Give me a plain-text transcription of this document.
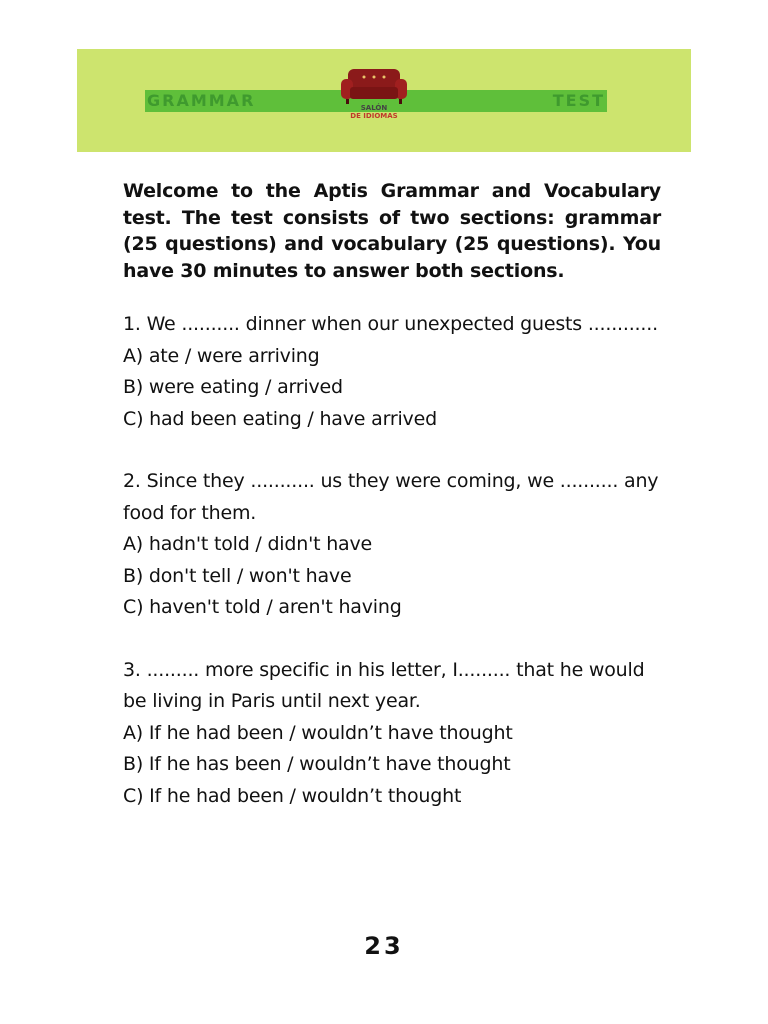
GRAMMAR	TEST
SALÓN
DE IDIOMAS

Welcome to the Aptis Grammar and Vocabulary test. The test consists of two sections: grammar (25 questions) and vocabulary (25 questions). You have 30 minutes to answer both sections.

1. We .......... dinner when our unexpected guests ............

A) ate / were arriving

B) were eating / arrived

C) had been eating / have arrived

2. Since they ........... us they were coming, we .......... any food for them.

A) hadn't told / didn't have

B) don't tell / won't have

C) haven't told / aren't having

3. ......... more specific in his letter, I......... that he would be living in Paris until next year.

A) If he had been / wouldn’t have thought

B) If he has been / wouldn’t have thought

C) If he had been / wouldn’t thought

23
